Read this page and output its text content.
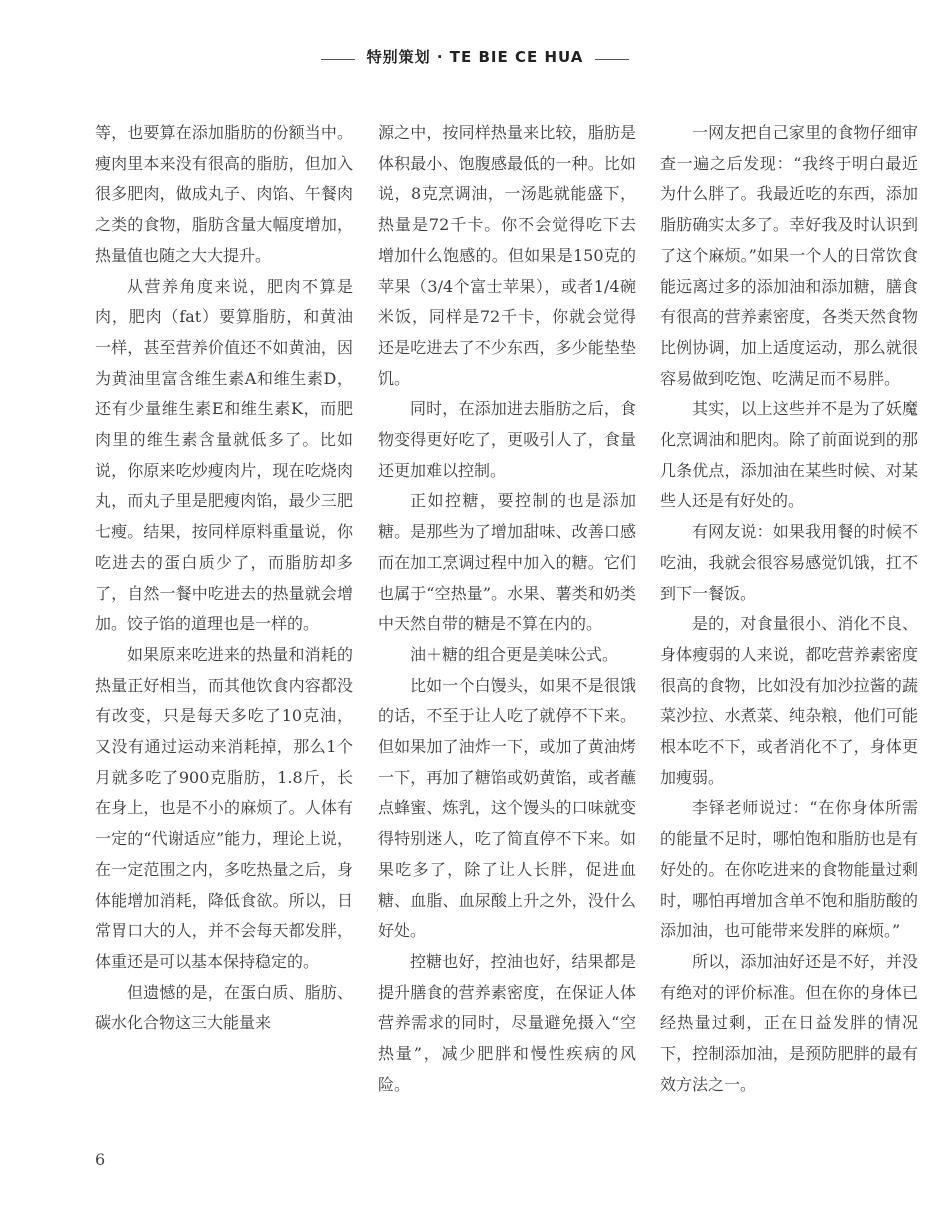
特别策划 · TE BIE CE HUA

等，也要算在添加脂肪的份额当中。瘦肉里本来没有很高的脂肪，但加入很多肥肉，做成丸子、肉馅、午餐肉之类的食物，脂肪含量大幅度增加，热量值也随之大大提升。

从营养角度来说，肥肉不算是肉，肥肉（fat）要算脂肪，和黄油一样，甚至营养价值还不如黄油，因为黄油里富含维生素A和维生素D，还有少量维生素E和维生素K，而肥肉里的维生素含量就低多了。比如说，你原来吃炒瘦肉片，现在吃烧肉丸，而丸子里是肥瘦肉馅，最少三肥七瘦。结果，按同样原料重量说，你吃进去的蛋白质少了，而脂肪却多了，自然一餐中吃进去的热量就会增加。饺子馅的道理也是一样的。

如果原来吃进来的热量和消耗的热量正好相当，而其他饮食内容都没有改变，只是每天多吃了10克油，又没有通过运动来消耗掉，那么1个月就多吃了900克脂肪，1.8斤，长在身上，也是不小的麻烦了。人体有一定的“代谢适应”能力，理论上说，在一定范围之内，多吃热量之后，身体能增加消耗，降低食欲。所以，日常胃口大的人，并不会每天都发胖，体重还是可以基本保持稳定的。

但遗憾的是，在蛋白质、脂肪、碳水化合物这三大能量来

源之中，按同样热量来比较，脂肪是体积最小、饱腹感最低的一种。比如说，8克烹调油，一汤匙就能盛下，热量是72千卡。你不会觉得吃下去增加什么饱感的。但如果是150克的苹果（3/4个富士苹果），或者1/4碗米饭，同样是72千卡，你就会觉得还是吃进去了不少东西，多少能垫垫饥。

同时，在添加进去脂肪之后，食物变得更好吃了，更吸引人了，食量还更加难以控制。

正如控糖，要控制的也是添加糖。是那些为了增加甜味、改善口感而在加工烹调过程中加入的糖。它们也属于“空热量”。水果、薯类和奶类中天然自带的糖是不算在内的。

油＋糖的组合更是美味公式。

比如一个白馒头，如果不是很饿的话，不至于让人吃了就停不下来。但如果加了油炸一下，或加了黄油烤一下，再加了糖馅或奶黄馅，或者蘸点蜂蜜、炼乳，这个馒头的口味就变得特别迷人，吃了简直停不下来。如果吃多了，除了让人长胖，促进血糖、血脂、血尿酸上升之外，没什么好处。

控糖也好，控油也好，结果都是提升膳食的营养素密度，在保证人体营养需求的同时，尽量避免摄入“空热量”，减少肥胖和慢性疾病的风险。

一网友把自己家里的食物仔细审查一遍之后发现：“我终于明白最近为什么胖了。我最近吃的东西，添加脂肪确实太多了。幸好我及时认识到了这个麻烦。”如果一个人的日常饮食能远离过多的添加油和添加糖，膳食有很高的营养素密度，各类天然食物比例协调，加上适度运动，那么就很容易做到吃饱、吃满足而不易胖。

其实，以上这些并不是为了妖魔化烹调油和肥肉。除了前面说到的那几条优点，添加油在某些时候、对某些人还是有好处的。

有网友说：如果我用餐的时候不吃油，我就会很容易感觉饥饿，扛不到下一餐饭。

是的，对食量很小、消化不良、身体瘦弱的人来说，都吃营养素密度很高的食物，比如没有加沙拉酱的蔬菜沙拉、水煮菜、纯杂粮，他们可能根本吃不下，或者消化不了，身体更加瘦弱。

李铎老师说过：“在你身体所需的能量不足时，哪怕饱和脂肪也是有好处的。在你吃进来的食物能量过剩时，哪怕再增加含单不饱和脂肪酸的添加油，也可能带来发胖的麻烦。”

所以，添加油好还是不好，并没有绝对的评价标准。但在你的身体已经热量过剩，正在日益发胖的情况下，控制添加油，是预防肥胖的最有效方法之一。

6
